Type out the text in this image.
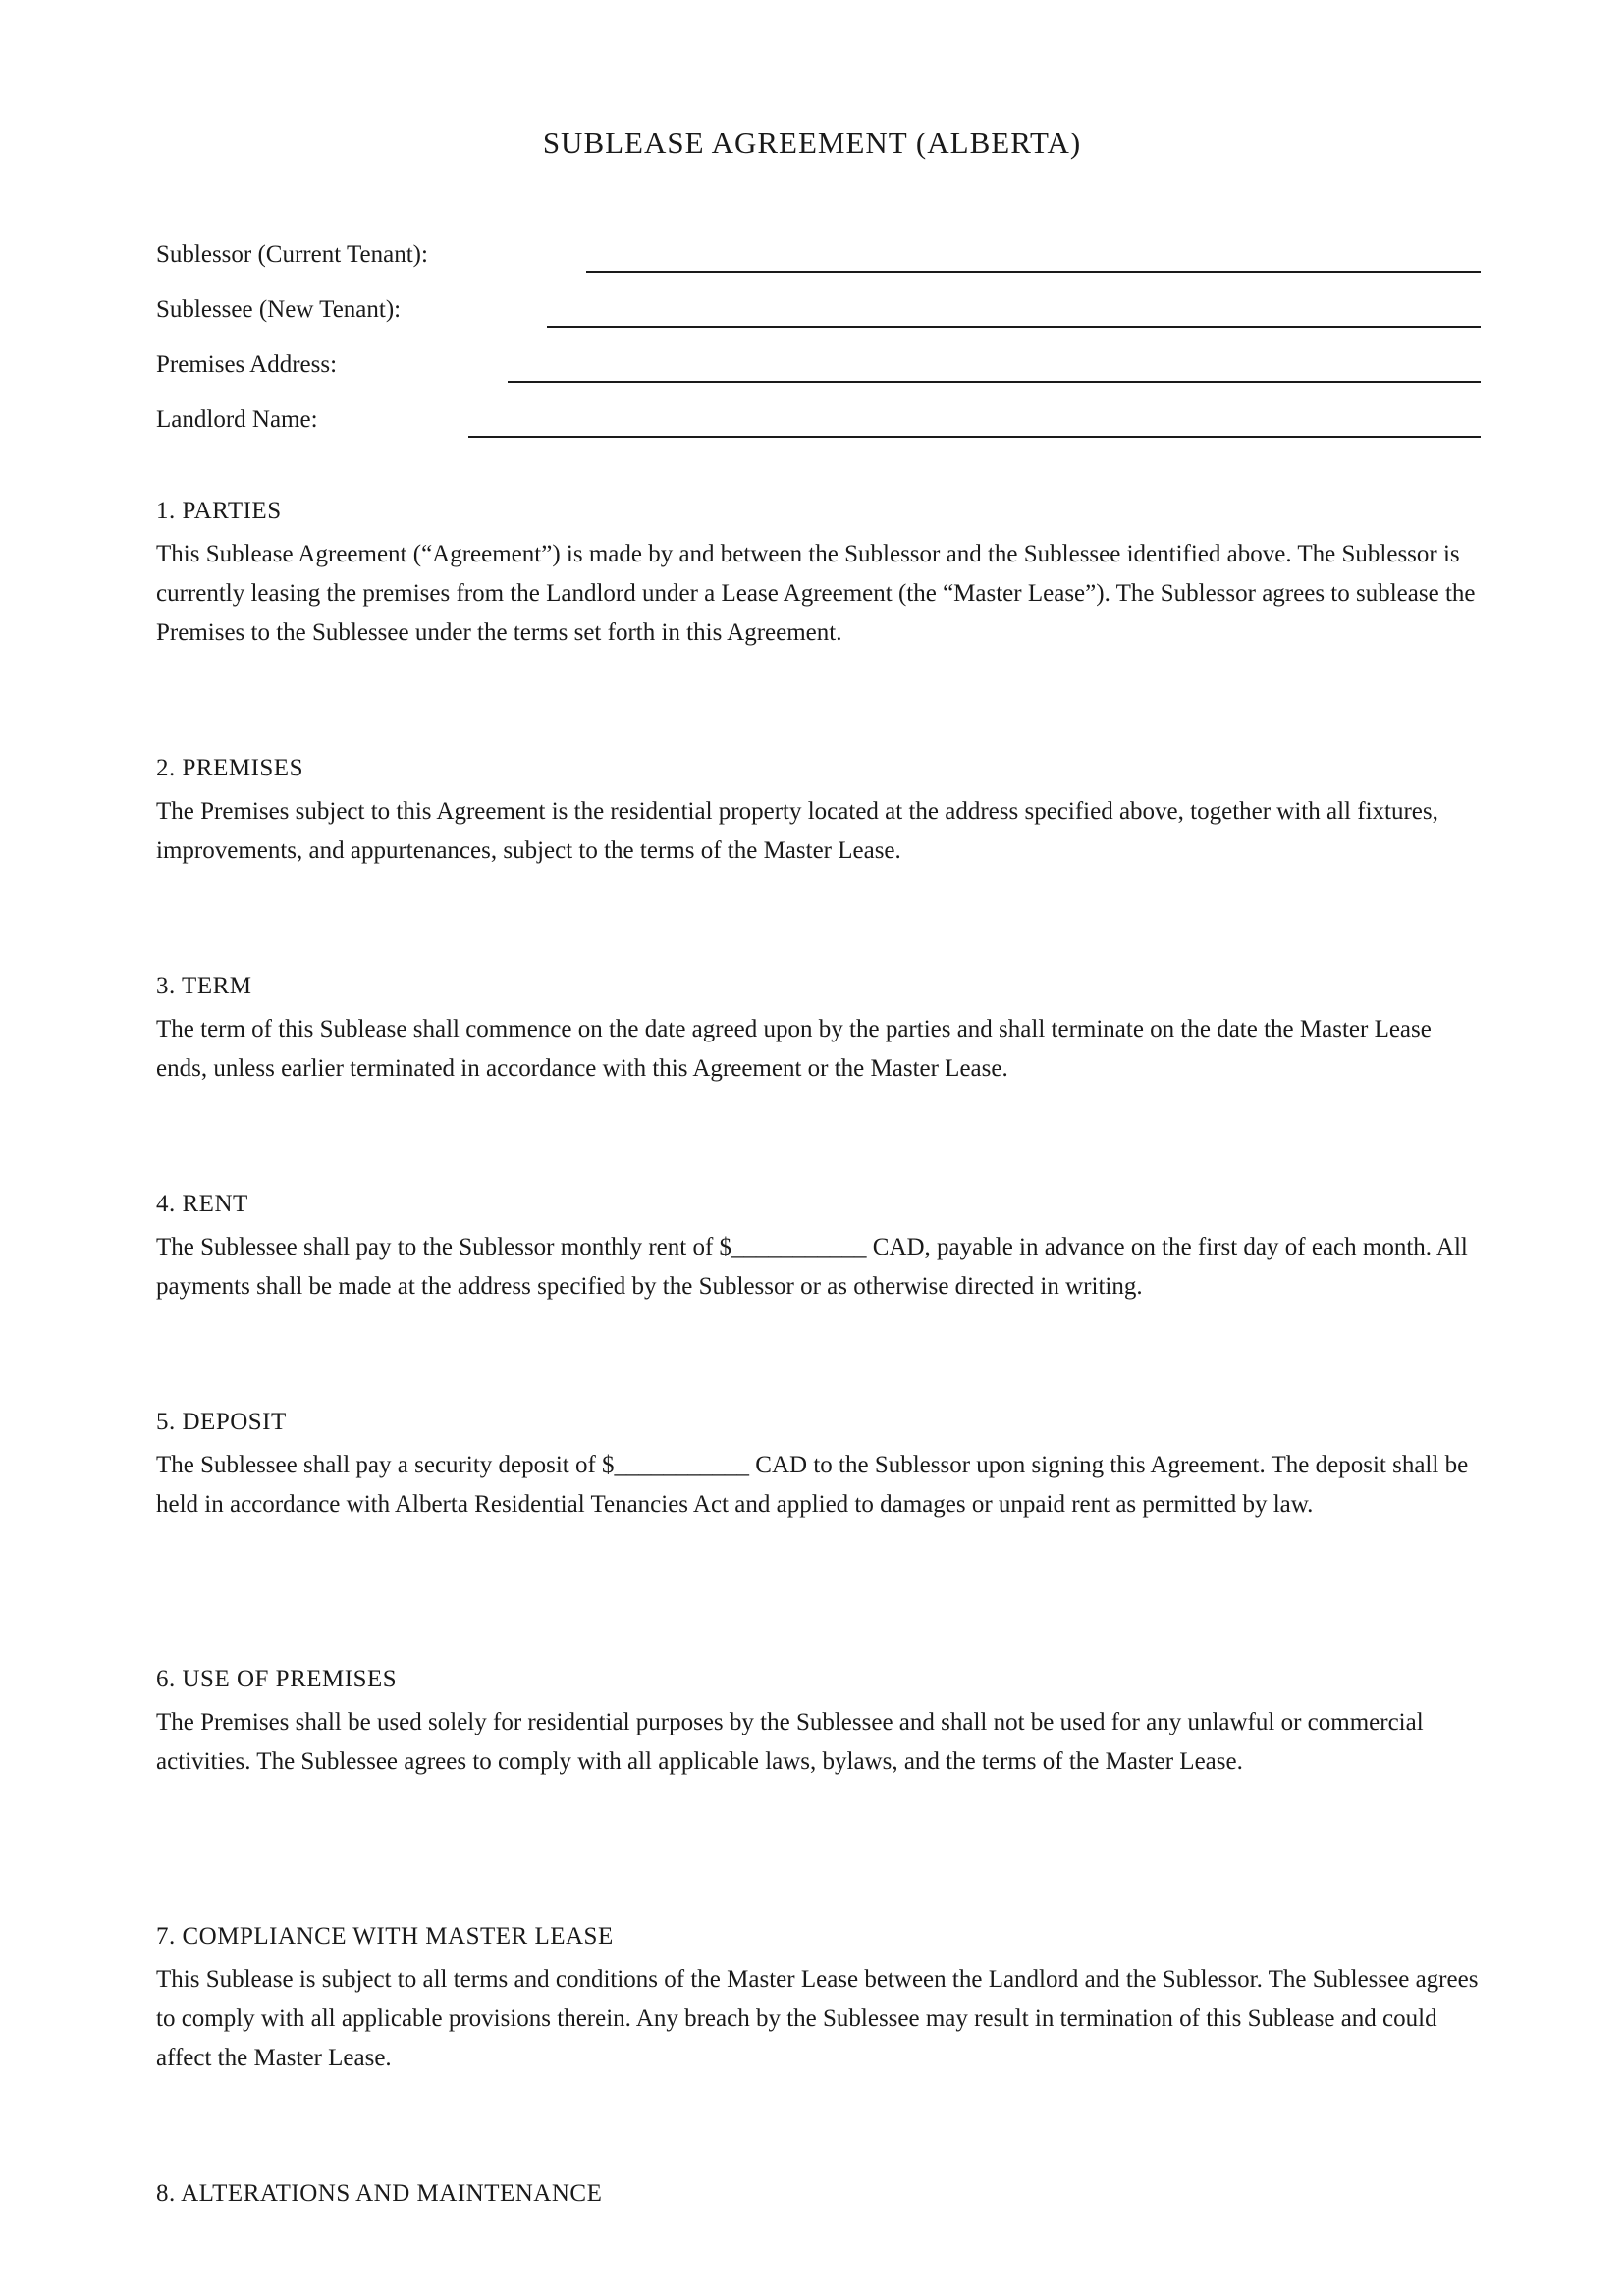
SUBLEASE AGREEMENT (ALBERTA)
Sublessor (Current Tenant):
Sublessee (New Tenant):
Premises Address:
Landlord Name:
1. PARTIES

This Sublease Agreement (“Agreement”) is made by and between the Sublessor and the Sublessee identified above. The Sublessor is currently leasing the premises from the Landlord under a Lease Agreement (the “Master Lease”). The Sublessor agrees to sublease the Premises to the Sublessee under the terms set forth in this Agreement.

2. PREMISES

The Premises subject to this Agreement is the residential property located at the address specified above, together with all fixtures, improvements, and appurtenances, subject to the terms of the Master Lease.

3. TERM

The term of this Sublease shall commence on the date agreed upon by the parties and shall terminate on the date the Master Lease ends, unless earlier terminated in accordance with this Agreement or the Master Lease.

4. RENT

The Sublessee shall pay to the Sublessor monthly rent of $___________ CAD, payable in advance on the first day of each month. All payments shall be made at the address specified by the Sublessor or as otherwise directed in writing.

5. DEPOSIT

The Sublessee shall pay a security deposit of $___________ CAD to the Sublessor upon signing this Agreement. The deposit shall be held in accordance with Alberta Residential Tenancies Act and applied to damages or unpaid rent as permitted by law.

6. USE OF PREMISES

The Premises shall be used solely for residential purposes by the Sublessee and shall not be used for any unlawful or commercial activities. The Sublessee agrees to comply with all applicable laws, bylaws, and the terms of the Master Lease.

7. COMPLIANCE WITH MASTER LEASE

This Sublease is subject to all terms and conditions of the Master Lease between the Landlord and the Sublessor. The Sublessee agrees to comply with all applicable provisions therein. Any breach by the Sublessee may result in termination of this Sublease and could affect the Master Lease.

8. ALTERATIONS AND MAINTENANCE
